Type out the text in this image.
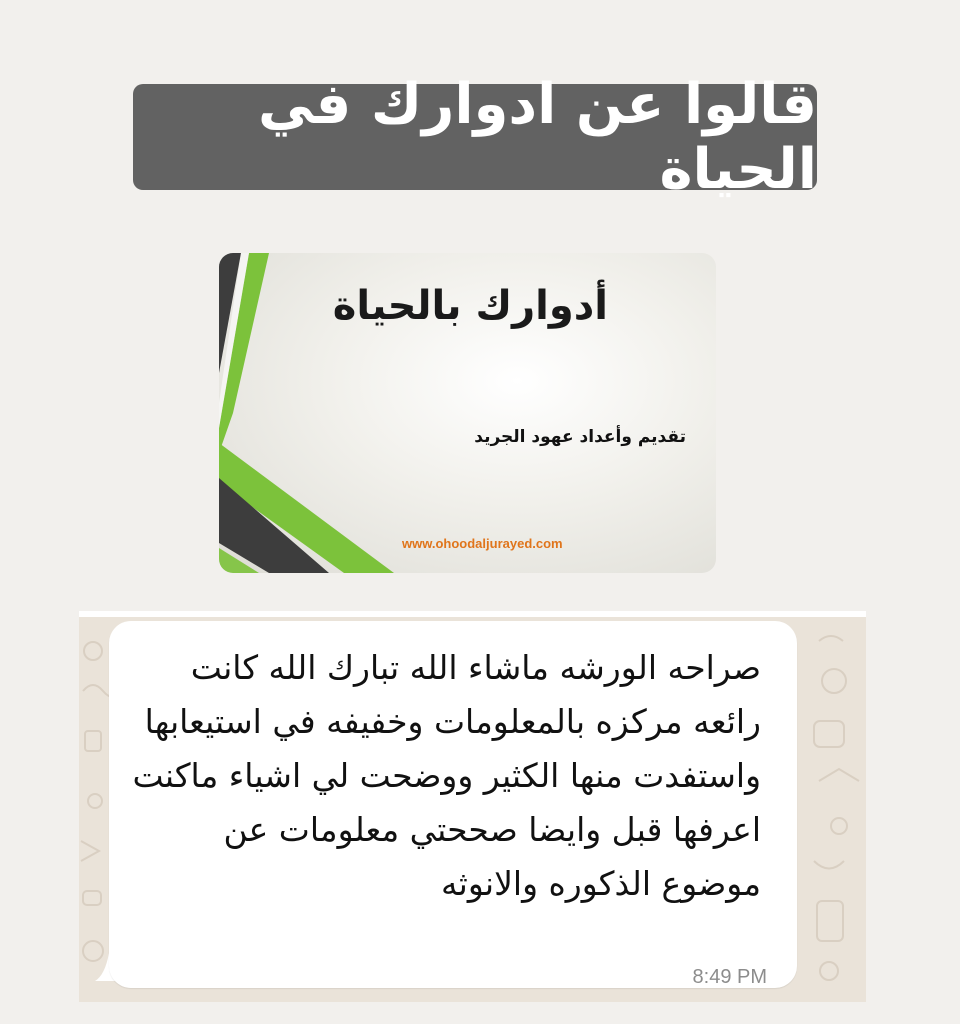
قالوا عن ادوارك في الحياة
أدوارك بالحياة
تقديم وأعداد عهود الجريد
www.ohoodaljurayed.com
صراحه الورشه ماشاء الله تبارك الله كانت رائعه مركزه بالمعلومات وخفيفه في استيعابها واستفدت منها الكثير ووضحت لي اشياء ماكنت اعرفها قبل وايضا صححتي معلومات عن موضوع الذكوره والانوثه
8:49 PM
